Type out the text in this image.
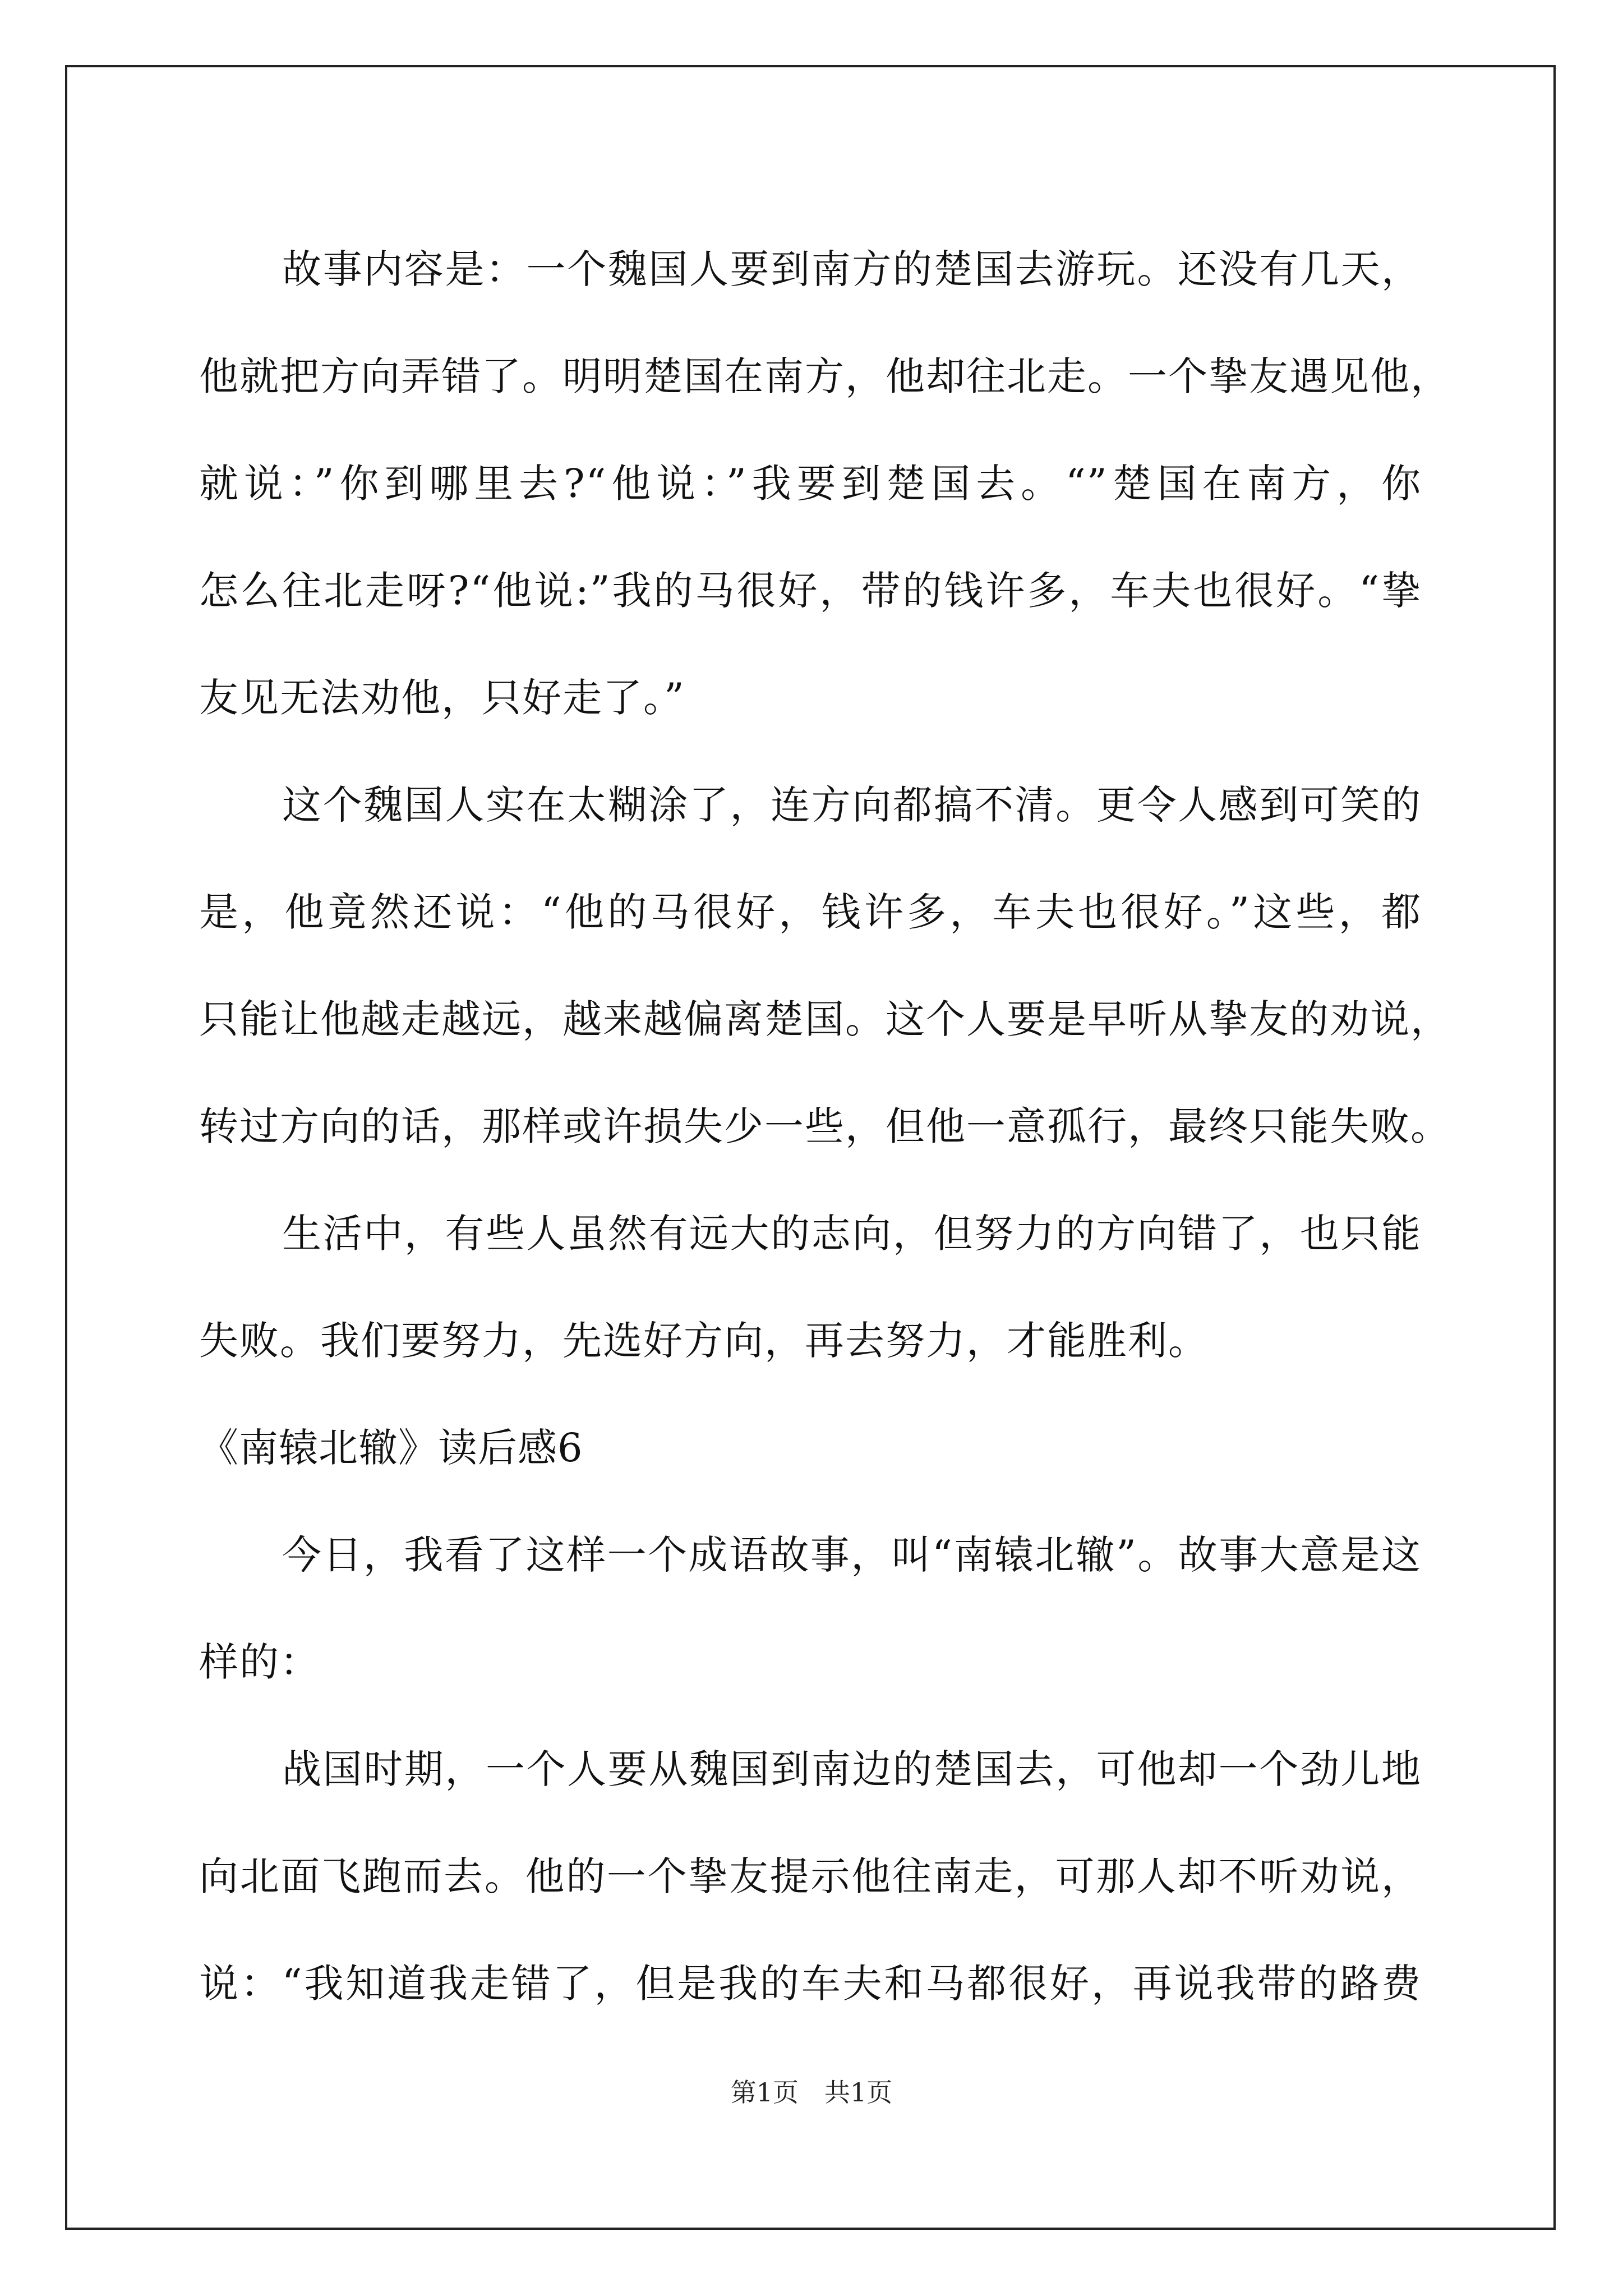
故事内容是：一个魏国人要到南方的楚国去游玩。还没有几天，
他就把方向弄错了。明明楚国在南方，他却往北走。一个挚友遇见他，
就说：”你到哪里去?“他说：”我要到楚国去。“”楚国在南方，你
怎么往北走呀?“他说:”我的马很好，带的钱许多，车夫也很好。“挚
友见无法劝他，只好走了。”
这个魏国人实在太糊涂了，连方向都搞不清。更令人感到可笑的
是，他竟然还说：“他的马很好，钱许多，车夫也很好。”这些，都
只能让他越走越远，越来越偏离楚国。这个人要是早听从挚友的劝说，
转过方向的话，那样或许损失少一些，但他一意孤行，最终只能失败。
生活中，有些人虽然有远大的志向，但努力的方向错了，也只能
失败。我们要努力，先选好方向，再去努力，才能胜利。
《南辕北辙》读后感6
今日，我看了这样一个成语故事，叫“南辕北辙”。故事大意是这
样的：
战国时期，一个人要从魏国到南边的楚国去，可他却一个劲儿地
向北面飞跑而去。他的一个挚友提示他往南走，可那人却不听劝说，
说：“我知道我走错了，但是我的车夫和马都很好，再说我带的路费
第1页　共1页
